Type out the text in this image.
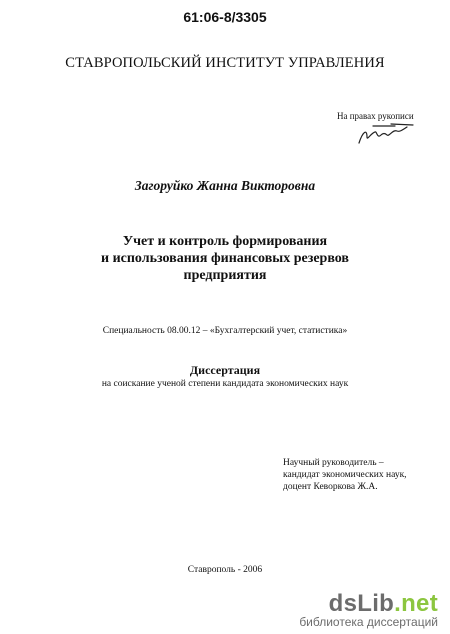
61:06-8/3305
СТАВРОПОЛЬСКИЙ ИНСТИТУТ УПРАВЛЕНИЯ
На правах рукописи
Загоруйко Жанна Викторовна
Учет и контроль формирования
и использования финансовых резервов
предприятия
Специальность 08.00.12 – «Бухгалтерский учет, статистика»
Диссертация
на соискание ученой степени кандидата экономических наук
Научный руководитель –
кандидат экономических наук,
доцент Кеворкова Ж.А.
Ставрополь - 2006
dsLib.net
библиотека диссертаций
